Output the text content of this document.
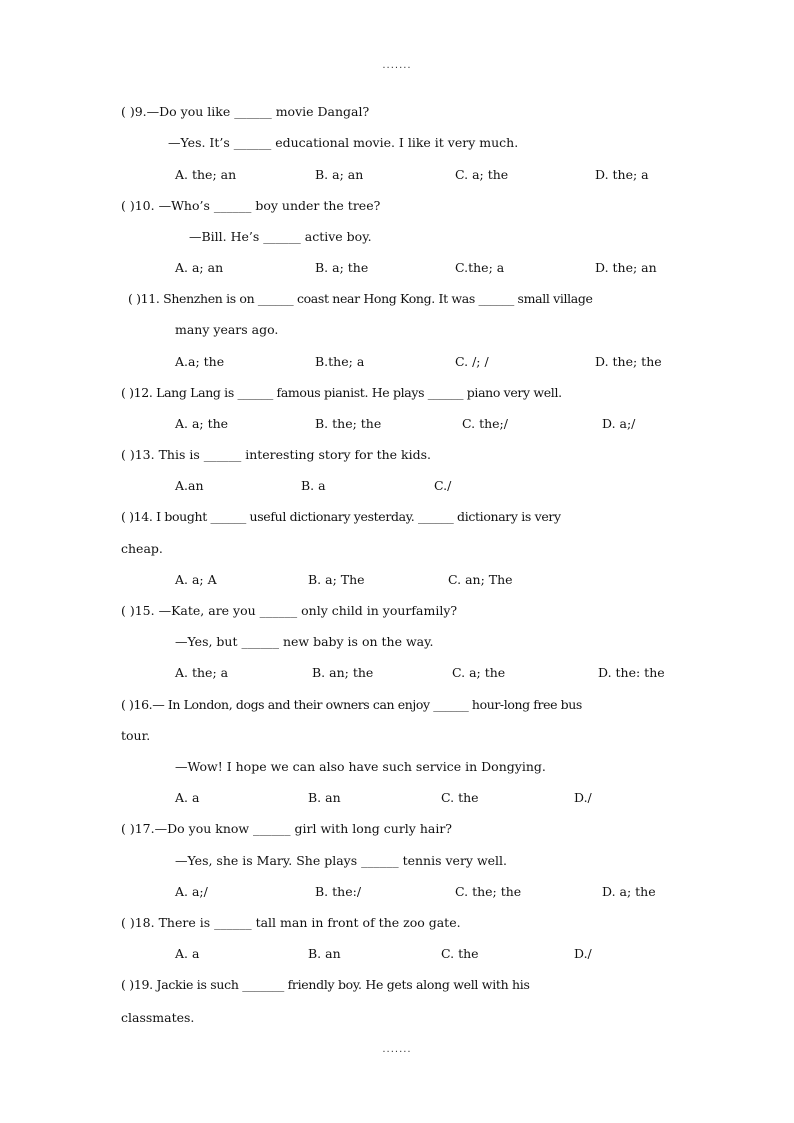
.......
( )9.—Do you like ______ movie Dangal?
—Yes. It’s ______ educational movie. I like it very much.
A. the; an	B. a; an	C. a; the	D. the; a
( )10. —Who’s ______ boy under the tree?
—Bill. He’s ______ active boy.
A. a; an	B. a; the	C.the; a	D. the; an
( )11. Shenzhen is on ______ coast near Hong Kong. It was ______ small village
many years ago.
A.a; the	B.the; a	C. /; /	D. the; the
( )12. Lang Lang is ______ famous pianist. He plays ______ piano very well.
A. a; the	B. the; the	C. the;/	D. a;/
( )13. This is ______ interesting story for the kids.
A.an	B. a	C./
( )14. I bought ______ useful dictionary yesterday. ______ dictionary is very
cheap.
A. a; A	B. a; The	C. an; The
( )15. —Kate, are you ______ only child in yourfamily?
—Yes, but ______ new baby is on the way.
A. the; a	B. an; the	C. a; the	D. the: the
( )16.— In London, dogs and their owners can enjoy ______ hour-long free bus
tour.
—Wow! I hope we can also have such service in Dongying.
A. a	B. an	C. the	D./
( )17.—Do you know ______ girl with long curly hair?
—Yes, she is Mary. She plays ______ tennis very well.
A. a;/	B. the:/	C. the; the	D. a; the
( )18. There is ______ tall man in front of the zoo gate.
A. a	B. an	C. the	D./
( )19. Jackie is such _______ friendly boy. He gets along well with his
classmates.
.......
